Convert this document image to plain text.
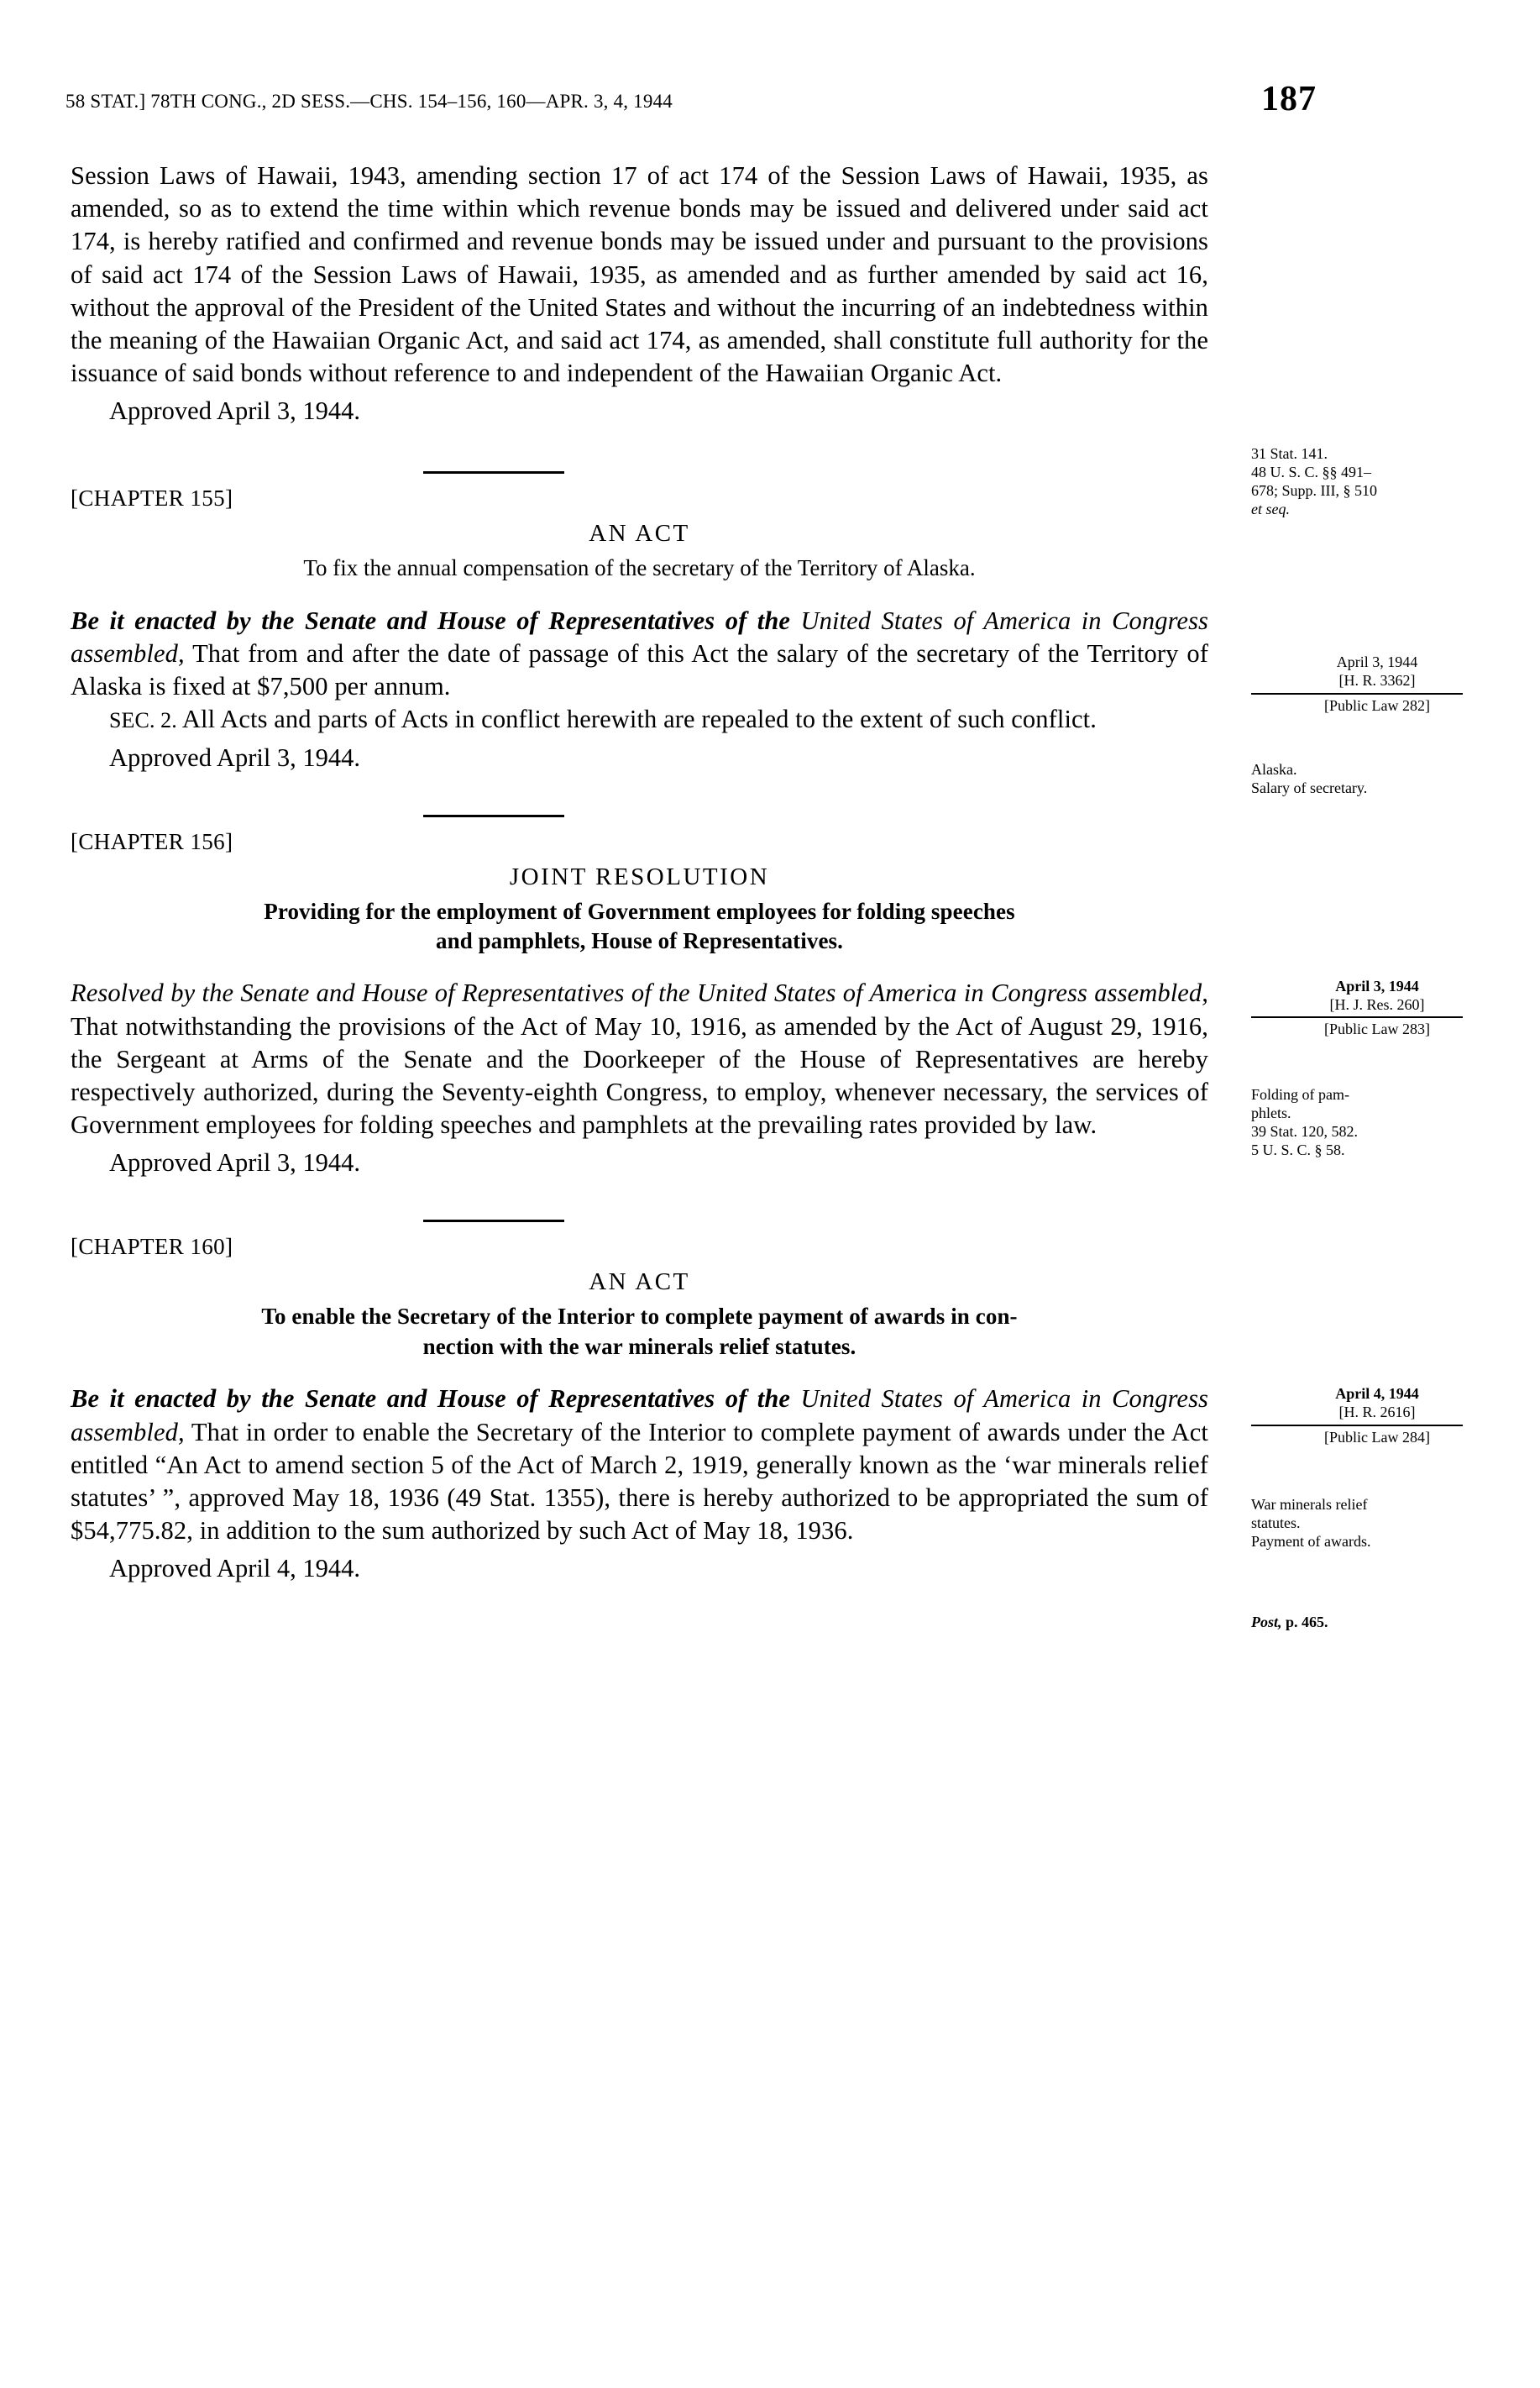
58 STAT.] 78TH CONG., 2D SESS.—CHS. 154–156, 160—APR. 3, 4, 1944	187

Session Laws of Hawaii, 1943, amending section 17 of act 174 of the Session Laws of Hawaii, 1935, as amended, so as to extend the time within which revenue bonds may be issued and delivered under said act 174, is hereby ratified and confirmed and revenue bonds may be issued under and pursuant to the provisions of said act 174 of the Session Laws of Hawaii, 1935, as amended and as further amended by said act 16, without the approval of the President of the United States and without the incurring of an indebtedness within the meaning of the Hawaiian Organic Act, and said act 174, as amended, shall constitute full authority for the issuance of said bonds without reference to and independent of the Hawaiian Organic Act.

Approved April 3, 1944.

[CHAPTER 155]
AN ACT
To fix the annual compensation of the secretary of the Territory of Alaska.

Be it enacted by the Senate and House of Representatives of the United States of America in Congress assembled, That from and after the date of passage of this Act the salary of the secretary of the Territory of Alaska is fixed at $7,500 per annum.

SEC. 2. All Acts and parts of Acts in conflict herewith are repealed to the extent of such conflict.

Approved April 3, 1944.

[CHAPTER 156]
JOINT RESOLUTION
Providing for the employment of Government employees for folding speeches
and pamphlets, House of Representatives.

Resolved by the Senate and House of Representatives of the United States of America in Congress assembled, That notwithstanding the provisions of the Act of May 10, 1916, as amended by the Act of August 29, 1916, the Sergeant at Arms of the Senate and the Doorkeeper of the House of Representatives are hereby respectively authorized, during the Seventy-eighth Congress, to employ, whenever necessary, the services of Government employees for folding speeches and pamphlets at the prevailing rates provided by law.

Approved April 3, 1944.

[CHAPTER 160]
AN ACT
To enable the Secretary of the Interior to complete payment of awards in con-
nection with the war minerals relief statutes.

Be it enacted by the Senate and House of Representatives of the United States of America in Congress assembled, That in order to enable the Secretary of the Interior to complete payment of awards under the Act entitled “An Act to amend section 5 of the Act of March 2, 1919, generally known as the ‘war minerals relief statutes’ ”, approved May 18, 1936 (49 Stat. 1355), there is hereby authorized to be appropriated the sum of $54,775.82, in addition to the sum authorized by such Act of May 18, 1936.

Approved April 4, 1944.

31 Stat. 141.
48 U. S. C. §§ 491–
678; Supp. III, § 510
et seq.
April 3, 1944
[H. R. 3362]
[Public Law 282]
Alaska.
Salary of secretary.
April 3, 1944
[H. J. Res. 260]
[Public Law 283]
Folding of pam-
phlets.
39 Stat. 120, 582.
5 U. S. C. § 58.
April 4, 1944
[H. R. 2616]
[Public Law 284]
War minerals relief
statutes.
Payment of awards.
Post, p. 465.
